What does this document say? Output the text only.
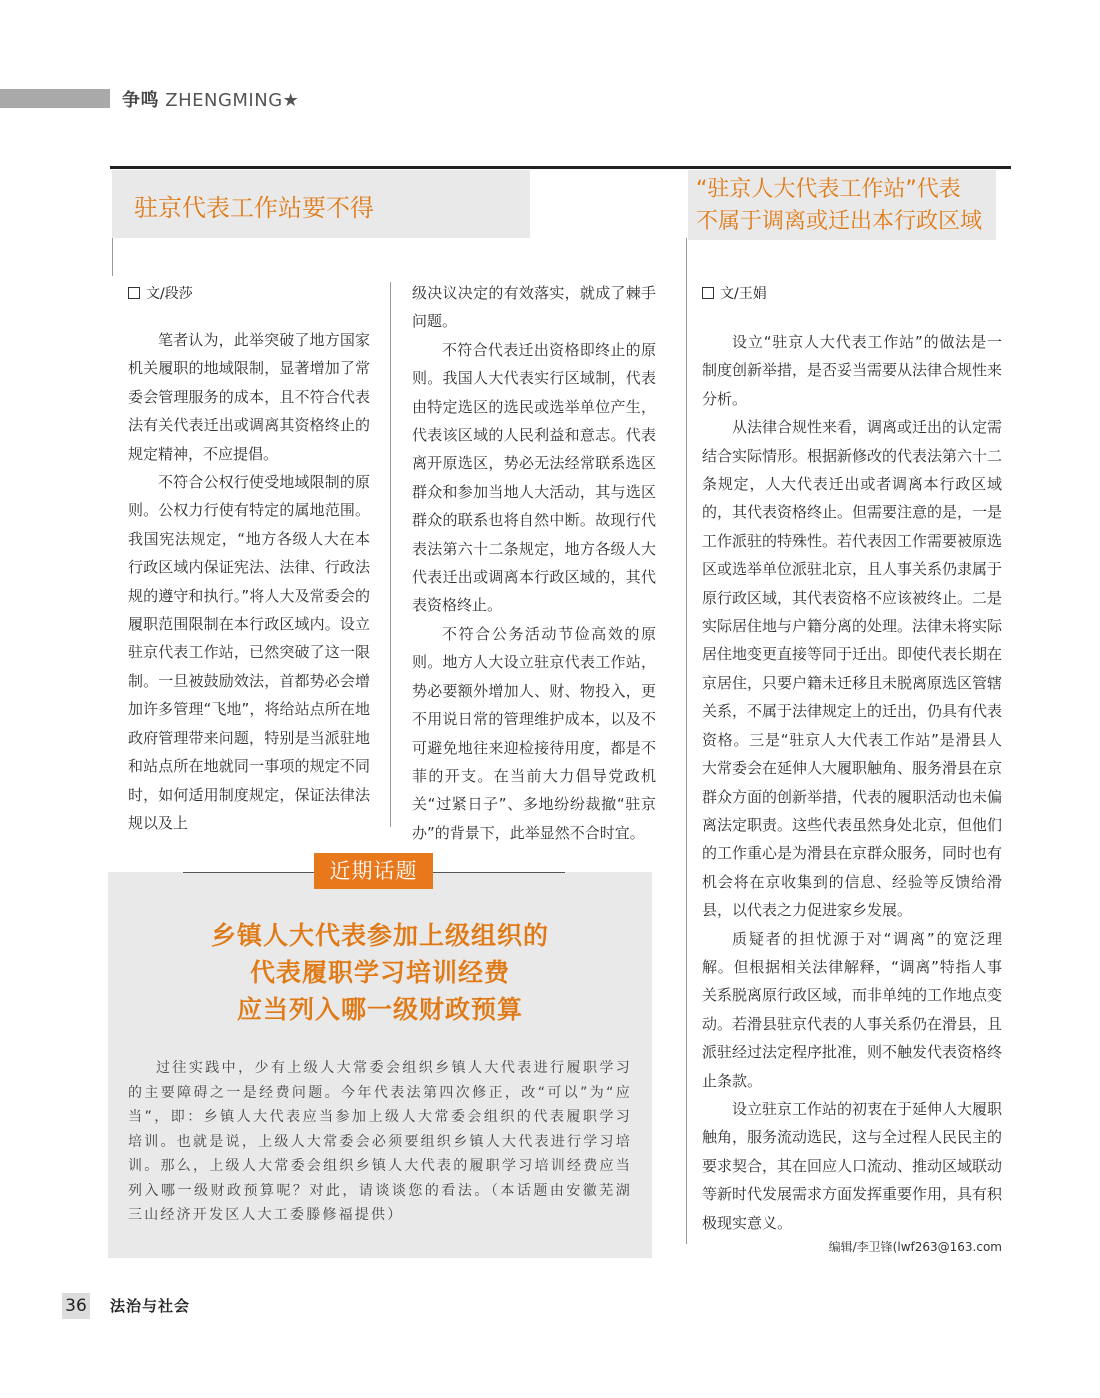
争鸣 ZHENGMING★
驻京代表工作站要不得
“驻京人大代表工作站”代表
不属于调离或迁出本行政区域
文/段莎

笔者认为，此举突破了地方国家机关履职的地域限制，显著增加了常委会管理服务的成本，且不符合代表法有关代表迁出或调离其资格终止的规定精神，不应提倡。

不符合公权行使受地域限制的原则。公权力行使有特定的属地范围。我国宪法规定，“地方各级人大在本行政区域内保证宪法、法律、行政法规的遵守和执行。”将人大及常委会的履职范围限制在本行政区域内。设立驻京代表工作站，已然突破了这一限制。一旦被鼓励效法，首都势必会增加许多管理“飞地”，将给站点所在地政府管理带来问题，特别是当派驻地和站点所在地就同一事项的规定不同时，如何适用制度规定，保证法律法规以及上

级决议决定的有效落实，就成了棘手问题。

不符合代表迁出资格即终止的原则。我国人大代表实行区域制，代表由特定选区的选民或选举单位产生，代表该区域的人民利益和意志。代表离开原选区，势必无法经常联系选区群众和参加当地人大活动，其与选区群众的联系也将自然中断。故现行代表法第六十二条规定，地方各级人大代表迁出或调离本行政区域的，其代表资格终止。

不符合公务活动节俭高效的原则。地方人大设立驻京代表工作站，势必要额外增加人、财、物投入，更不用说日常的管理维护成本，以及不可避免地往来迎检接待用度，都是不菲的开支。在当前大力倡导党政机关“过紧日子”、多地纷纷裁撤“驻京办”的背景下，此举显然不合时宜。

文/王娟

设立“驻京人大代表工作站”的做法是一制度创新举措，是否妥当需要从法律合规性来分析。

从法律合规性来看，调离或迁出的认定需结合实际情形。根据新修改的代表法第六十二条规定，人大代表迁出或者调离本行政区域的，其代表资格终止。但需要注意的是，一是工作派驻的特殊性。若代表因工作需要被原选区或选举单位派驻北京，且人事关系仍隶属于原行政区域，其代表资格不应该被终止。二是实际居住地与户籍分离的处理。法律未将实际居住地变更直接等同于迁出。即使代表长期在京居住，只要户籍未迁移且未脱离原选区管辖关系，不属于法律规定上的迁出，仍具有代表资格。三是“驻京人大代表工作站”是滑县人大常委会在延伸人大履职触角、服务滑县在京群众方面的创新举措，代表的履职活动也未偏离法定职责。这些代表虽然身处北京，但他们的工作重心是为滑县在京群众服务，同时也有机会将在京收集到的信息、经验等反馈给滑县，以代表之力促进家乡发展。

质疑者的担忧源于对“调离”的宽泛理解。但根据相关法律解释，“调离”特指人事关系脱离原行政区域，而非单纯的工作地点变动。若滑县驻京代表的人事关系仍在滑县，且派驻经过法定程序批准，则不触发代表资格终止条款。

设立驻京工作站的初衷在于延伸人大履职触角，服务流动选民，这与全过程人民民主的要求契合，其在回应人口流动、推动区域联动等新时代发展需求方面发挥重要作用，具有积极现实意义。

近期话题
乡镇人大代表参加上级组织的
代表履职学习培训经费
应当列入哪一级财政预算

过往实践中，少有上级人大常委会组织乡镇人大代表进行履职学习的主要障碍之一是经费问题。今年代表法第四次修正，改“可以”为“应当”，即：乡镇人大代表应当参加上级人大常委会组织的代表履职学习培训。也就是说，上级人大常委会必须要组织乡镇人大代表进行学习培训。那么，上级人大常委会组织乡镇人大代表的履职学习培训经费应当列入哪一级财政预算呢？对此，请谈谈您的看法。（本话题由安徽芜湖三山经济开发区人大工委滕修福提供）

编辑/李卫锋(lwf263@163.com
36 法治与社会
